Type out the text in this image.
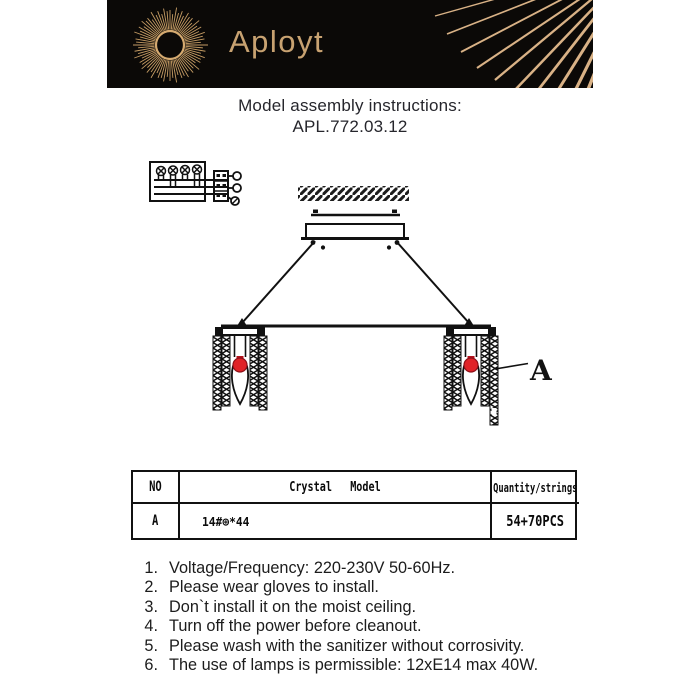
Aployt
Model assembly instructions:
APL.772.03.12
A
NO	Crystal   Model	Quantity/strings
A	14#⊕*44	54+70PCS
1. Voltage/Frequency: 220-230V 50-60Hz.
2. Please wear gloves to install.
3. Don`t install it on the moist ceiling.
4. Turn off the power before cleanout.
5. Please wash with the sanitizer without corrosivity.
6. The use of lamps is permissible: 12xE14 max 40W.
